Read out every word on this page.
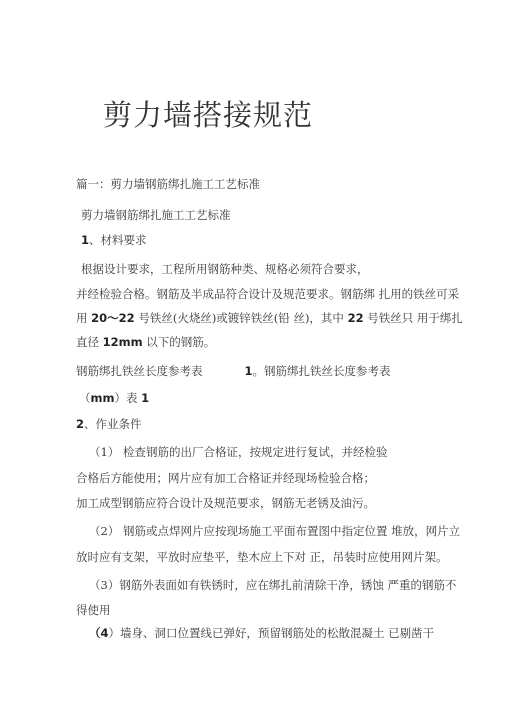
剪力墙搭接规范
篇一：剪力墙钢筋绑扎施工工艺标准
剪力墙钢筋绑扎施工工艺标准
1、材料要求
根据设计要求，工程所用钢筋种类、规格必须符合要求，
并经检验合格。钢筋及半成品符合设计及规范要求。钢筋绑 扎用的铁丝可采
用 20～22 号铁丝(火烧丝)或镀锌铁丝(铅 丝)，其中 22 号铁丝只 用于绑扎
直径 12mm 以下的钢筋。
钢筋绑扎铁丝长度参考表	1。钢筋绑扎铁丝长度参考表
（mm）表 1
2、作业条件
（1） 检查钢筋的出厂合格证，按规定进行复试，并经检验
合格后方能使用；网片应有加工合格证并经现场检验合格；
加工成型钢筋应符合设计及规范要求，钢筋无老锈及油污。
（2） 钢筋或点焊网片应按现场施工平面布置图中指定位置 堆放，网片立
放时应有支架，平放时应垫平，垫木应上下对 正，吊装时应使用网片架。
（3）钢筋外表面如有铁锈时，应在绑扎前清除干净，锈蚀 严重的钢筋不
得使用
（4）墙身、洞口位置线已弹好，预留钢筋处的松散混凝土 已剔凿干
